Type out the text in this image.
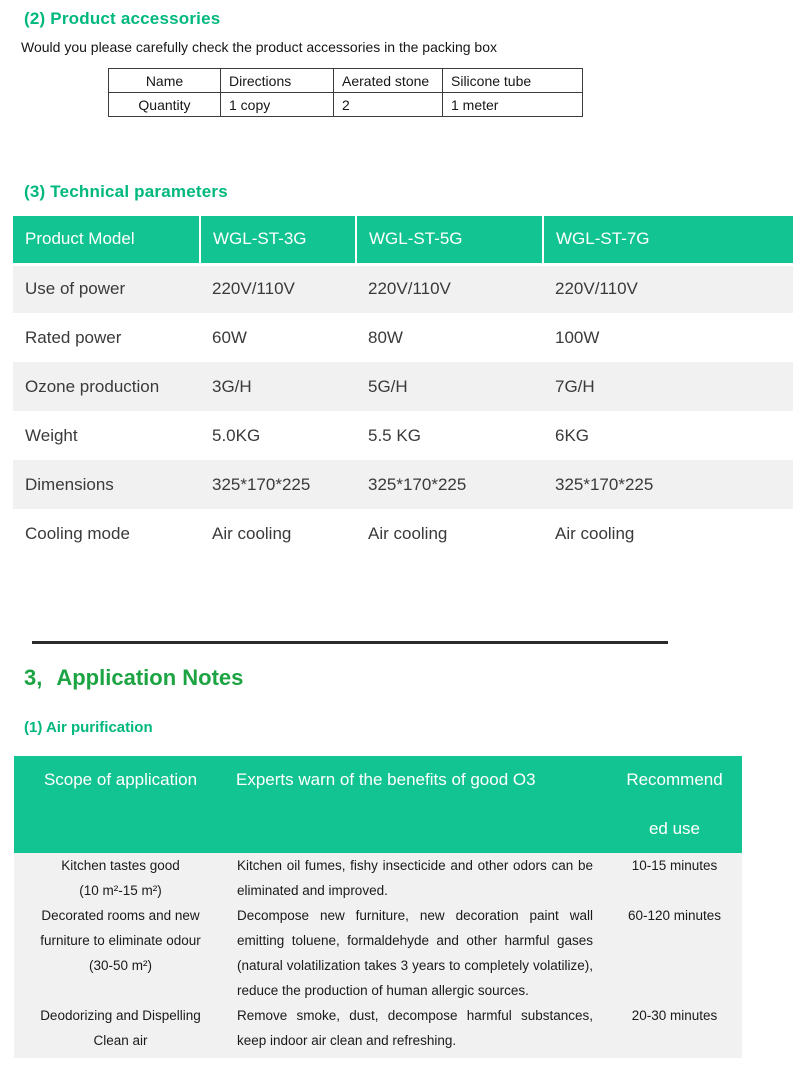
(2) Product accessories
Would you please carefully check the product accessories in the packing box
Name	Directions	Aerated stone	Silicone tube
Quantity	1 copy	2	1 meter
(3) Technical parameters
Product Model	WGL-ST-3G	WGL-ST-5G	WGL-ST-7G
Use of power	220V/110V	220V/110V	220V/110V
Rated power	60W	80W	100W
Ozone production	3G/H	5G/H	7G/H
Weight	5.0KG	5.5 KG	6KG
Dimensions	325*170*225	325*170*225	325*170*225
Cooling mode	Air cooling	Air cooling	Air cooling
3, Application Notes
(1) Air purification
Scope of application	Experts warn of the benefits of good O3	Recommend
ed use

Kitchen tastes good
(10 m²-15 m²)	Kitchen oil fumes, fishy insecticide and other odors can be eliminated and improved.	10-15 minutes

Decorated rooms and new furniture to eliminate odour
(30-50 m²)	Decompose new furniture, new decoration paint wall emitting toluene, formaldehyde and other harmful gases (natural volatilization takes 3 years to completely volatilize), reduce the production of human allergic sources.	60-120 minutes

Deodorizing and Dispelling
Clean air	Remove smoke, dust, decompose harmful substances, keep indoor air clean and refreshing.	20-30 minutes
